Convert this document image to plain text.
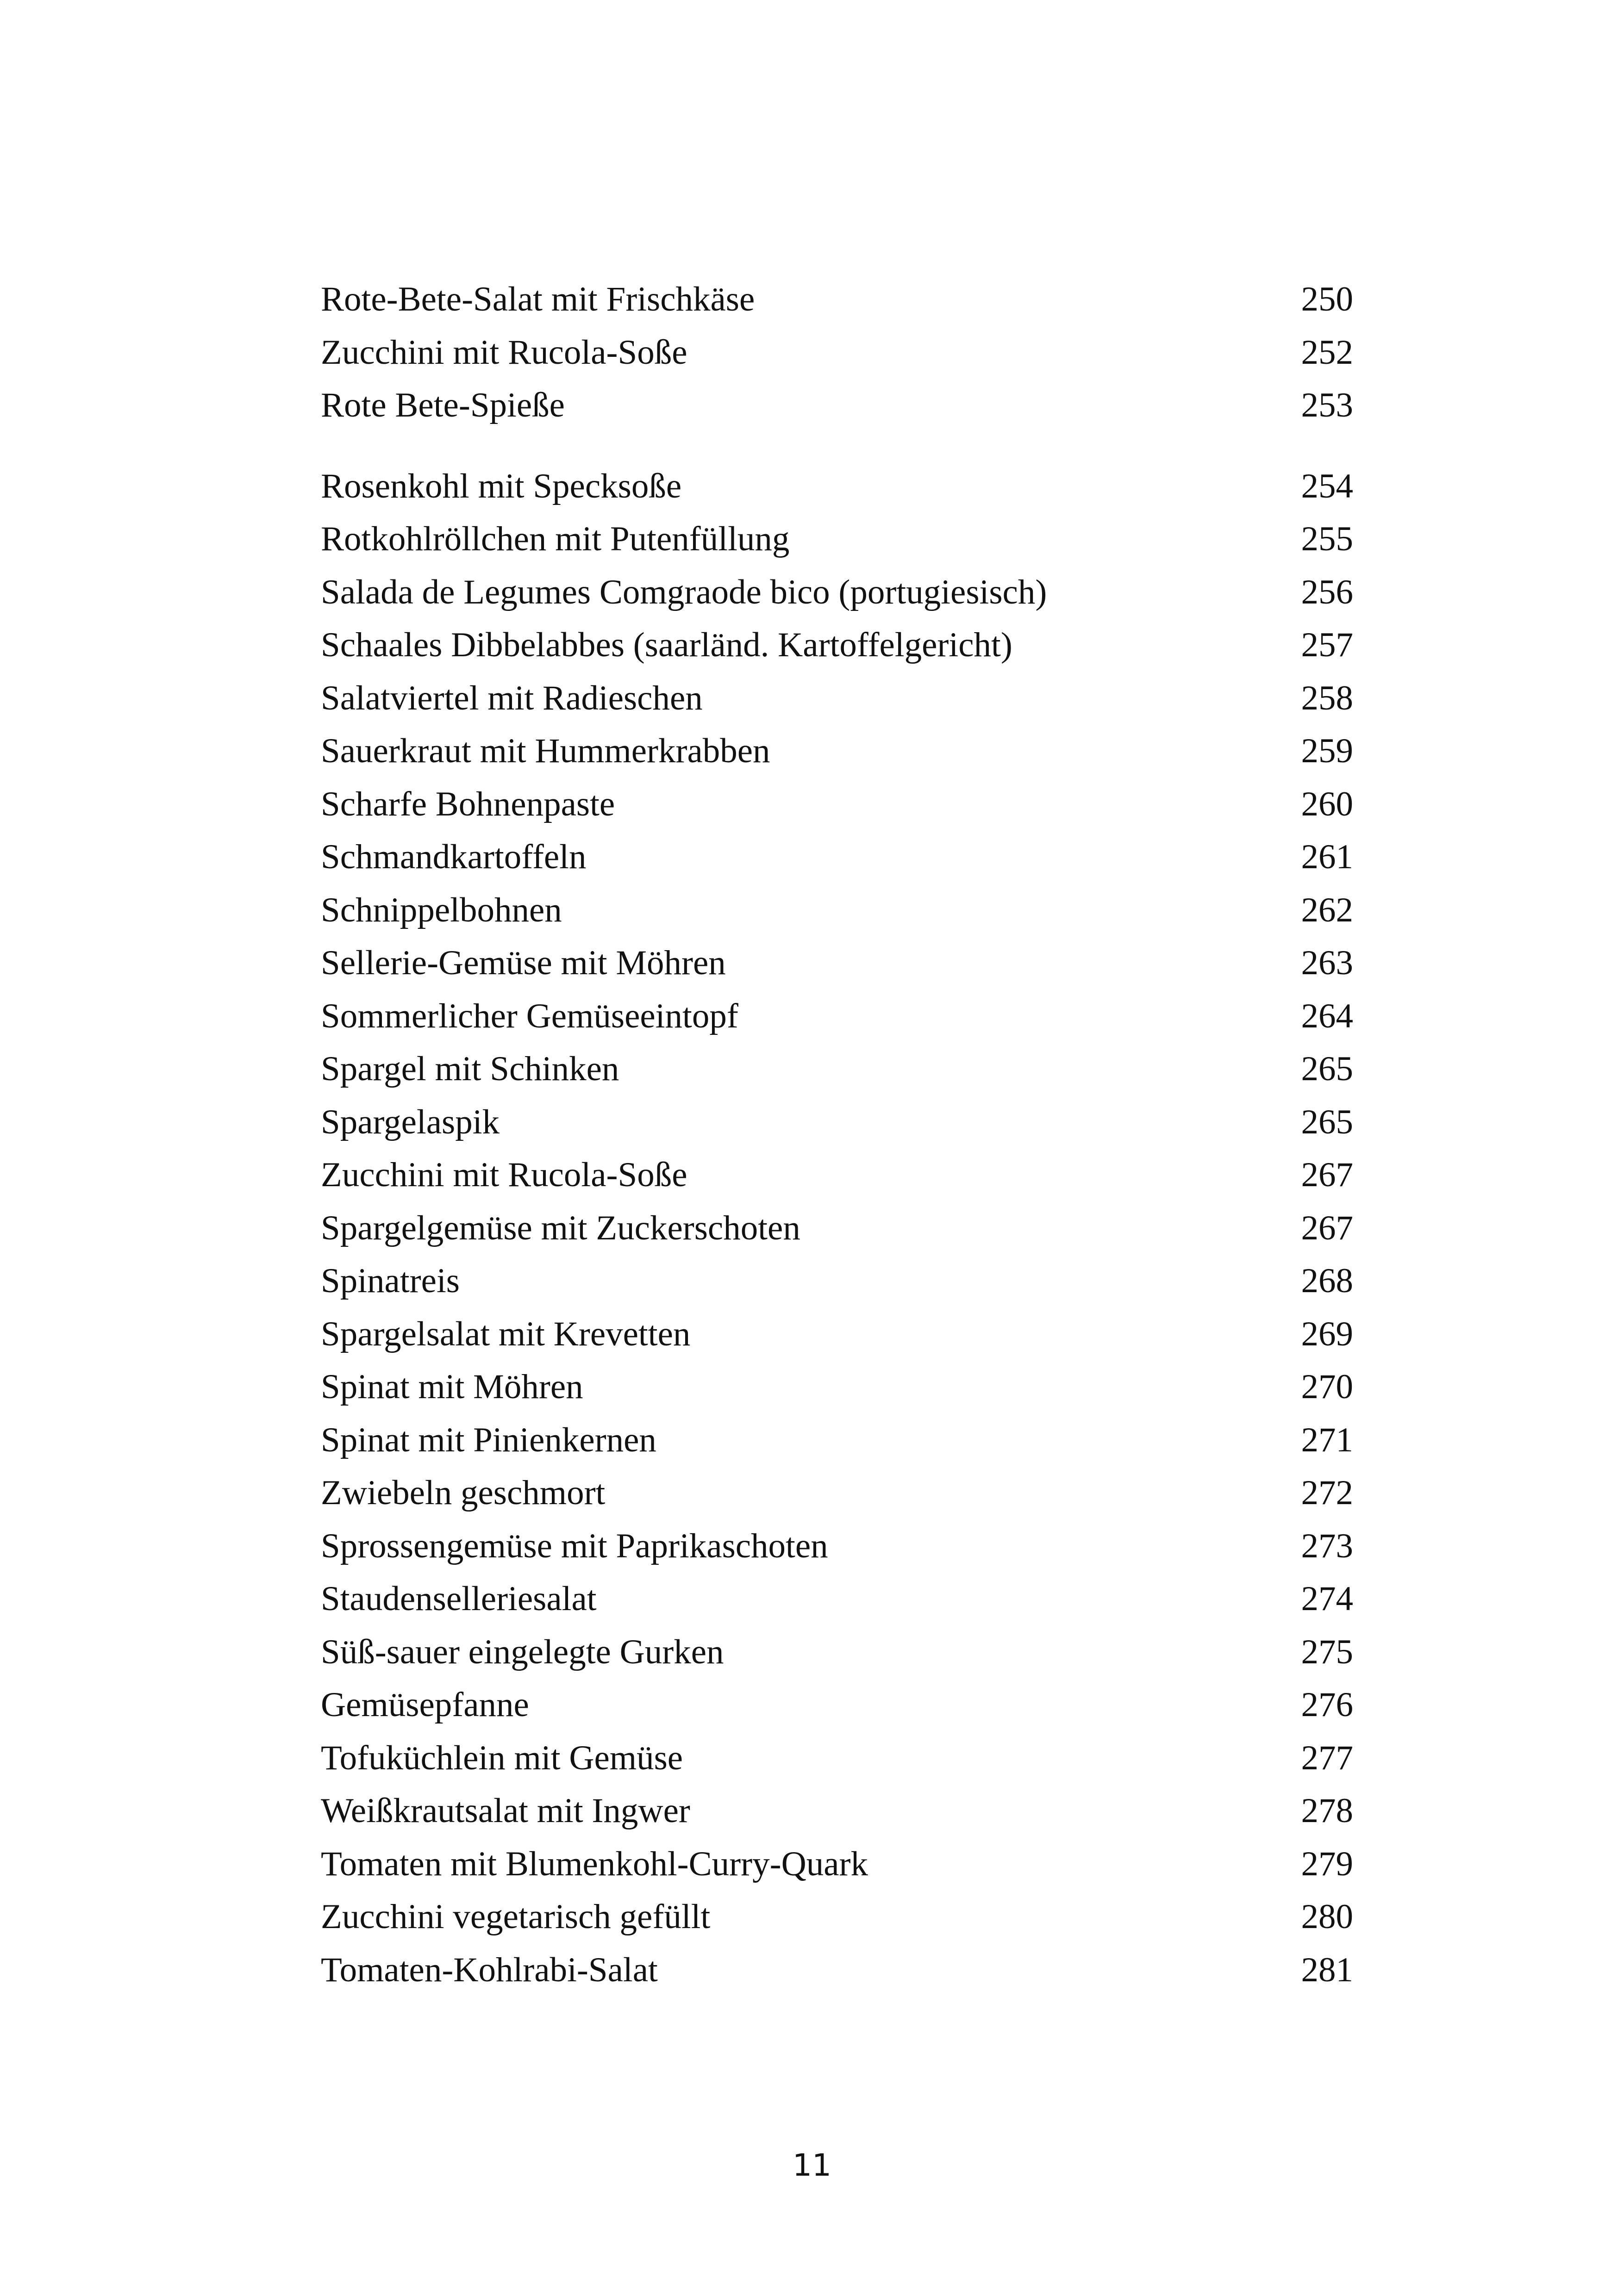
Rote-Bete-Salat mit Frischkäse	250
Zucchini mit Rucola-Soße	252
Rote Bete-Spieße	253
Rosenkohl mit Specksoße	254
Rotkohlröllchen mit Putenfüllung	255
Salada de Legumes Comgraode bico (portugiesisch)	256
Schaales Dibbelabbes (saarländ. Kartoffelgericht)	257
Salatviertel mit Radieschen	258
Sauerkraut mit Hummerkrabben	259
Scharfe Bohnenpaste	260
Schmandkartoffeln	261
Schnippelbohnen	262
Sellerie-Gemüse mit Möhren	263
Sommerlicher Gemüseeintopf	264
Spargel mit Schinken	265
Spargelaspik	265
Zucchini mit Rucola-Soße	267
Spargelgemüse mit Zuckerschoten	267
Spinatreis	268
Spargelsalat mit Krevetten	269
Spinat mit Möhren	270
Spinat mit Pinienkernen	271
Zwiebeln geschmort	272
Sprossengemüse mit Paprikaschoten	273
Staudenselleriesalat	274
Süß-sauer eingelegte Gurken	275
Gemüsepfanne	276
Tofuküchlein mit Gemüse	277
Weißkrautsalat mit Ingwer	278
Tomaten mit Blumenkohl-Curry-Quark	279
Zucchini vegetarisch gefüllt	280
Tomaten-Kohlrabi-Salat	281
11
